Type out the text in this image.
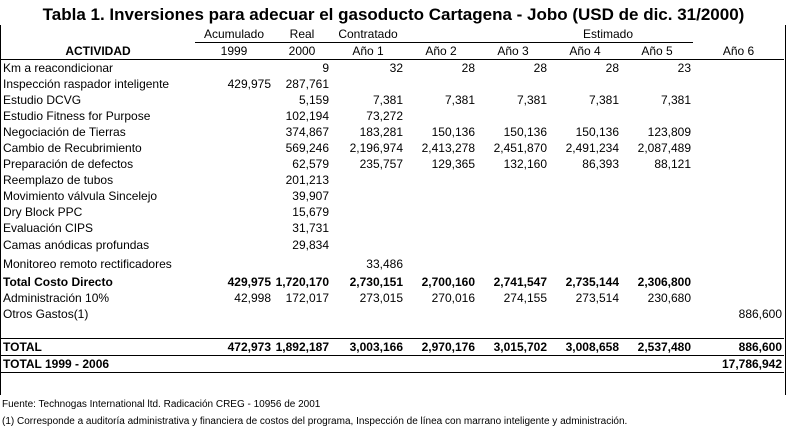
Tabla 1. Inversiones para adecuar el gasoducto Cartagena - Jobo (USD de dic. 31/2000)
	Acumulado	Real	Contratado	Estimado				
ACTIVIDAD	1999	2000	Año 1	Año 2	Año 3	Año 4	Año 5	Año 6
Km a reacondicionar		9	32	28	28	28	23	
Inspección raspador inteligente	429,975	287,761						
Estudio DCVG		5,159	7,381	7,381	7,381	7,381	7,381	
Estudio Fitness for Purpose		102,194	73,272					
Negociación de Tierras		374,867	183,281	150,136	150,136	150,136	123,809	
Cambio de Recubrimiento		569,246	2,196,974	2,413,278	2,451,870	2,491,234	2,087,489	
Preparación de defectos		62,579	235,757	129,365	132,160	86,393	88,121	
Reemplazo de tubos		201,213						
Movimiento válvula Sincelejo		39,907						
Dry Block PPC		15,679						
Evaluación CIPS		31,731						
Camas anódicas profundas		29,834						
Monitoreo remoto rectificadores			33,486					
Total Costo Directo	429,975	1,720,170	2,730,151	2,700,160	2,741,547	2,735,144	2,306,800	
Administración 10%	42,998	172,017	273,015	270,016	274,155	273,514	230,680	
Otros Gastos(1)								886,600

TOTAL	472,973	1,892,187	3,003,166	2,970,176	3,015,702	3,008,658	2,537,480	886,600
TOTAL 1999 - 2006								17,786,942
Fuente: Technogas International ltd. Radicación CREG - 10956 de 2001
(1) Corresponde a auditoría administrativa y financiera de costos del programa, Inspección de línea con marrano inteligente y administración.
